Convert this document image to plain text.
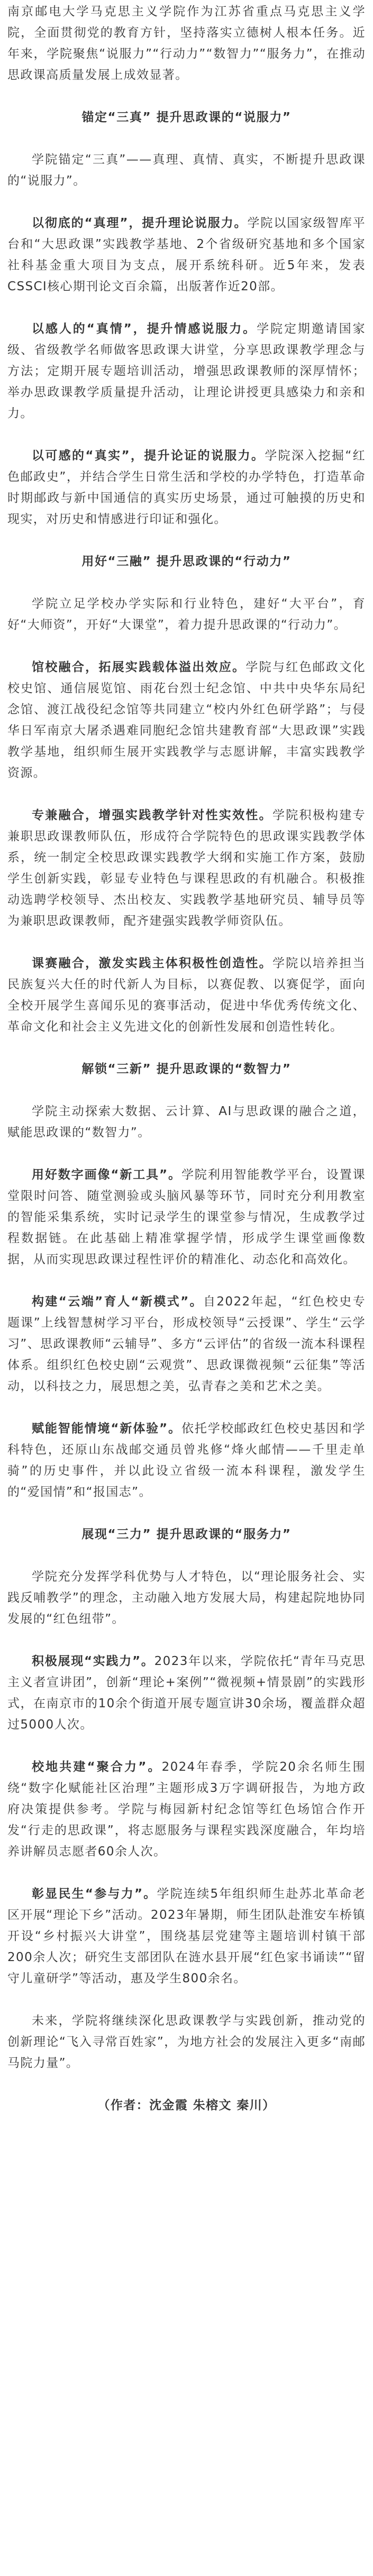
南京邮电大学马克思主义学院作为江苏省重点马克思主义学院，全面贯彻党的教育方针，坚持落实立德树人根本任务。近年来，学院聚焦“说服力”“行动力”“数智力”“服务力”，在推动思政课高质量发展上成效显著。

锚定“三真” 提升思政课的“说服力”

学院锚定“三真”——真理、真情、真实，不断提升思政课的“说服力”。

以彻底的“真理”，提升理论说服力。学院以国家级智库平台和“大思政课”实践教学基地、2个省级研究基地和多个国家社科基金重大项目为支点，展开系统科研。近5年来，发表CSSCI核心期刊论文百余篇，出版著作近20部。

以感人的“真情”，提升情感说服力。学院定期邀请国家级、省级教学名师做客思政课大讲堂，分享思政课教学理念与方法；定期开展专题培训活动，增强思政课教师的深厚情怀；举办思政课教学质量提升活动，让理论讲授更具感染力和亲和力。

以可感的“真实”，提升论证的说服力。学院深入挖掘“红色邮政史”，并结合学生日常生活和学校的办学特色，打造革命时期邮政与新中国通信的真实历史场景，通过可触摸的历史和现实，对历史和情感进行印证和强化。

用好“三融” 提升思政课的“行动力”

学院立足学校办学实际和行业特色，建好“大平台”，育好“大师资”，开好“大课堂”，着力提升思政课的“行动力”。

馆校融合，拓展实践载体溢出效应。学院与红色邮政文化校史馆、通信展览馆、雨花台烈士纪念馆、中共中央华东局纪念馆、渡江战役纪念馆等共同建立“校内外红色研学路”；与侵华日军南京大屠杀遇难同胞纪念馆共建教育部“大思政课”实践教学基地，组织师生展开实践教学与志愿讲解，丰富实践教学资源。

专兼融合，增强实践教学针对性实效性。学院积极构建专兼职思政课教师队伍，形成符合学院特色的思政课实践教学体系，统一制定全校思政课实践教学大纲和实施工作方案，鼓励学生创新实践，彰显专业特色与课程思政的有机融合。积极推动选聘学校领导、杰出校友、实践教学基地研究员、辅导员等为兼职思政课教师，配齐建强实践教学师资队伍。

课赛融合，激发实践主体积极性创造性。学院以培养担当民族复兴大任的时代新人为目标，以赛促教、以赛促学，面向全校开展学生喜闻乐见的赛事活动，促进中华优秀传统文化、革命文化和社会主义先进文化的创新性发展和创造性转化。

解锁“三新” 提升思政课的“数智力”

学院主动探索大数据、云计算、AI与思政课的融合之道，赋能思政课的“数智力”。

用好数字画像“新工具”。学院利用智能教学平台，设置课堂限时问答、随堂测验或头脑风暴等环节，同时充分利用教室的智能采集系统，实时记录学生的课堂参与情况，生成教学过程数据链。在此基础上精准掌握学情，形成学生课堂画像数据，从而实现思政课过程性评价的精准化、动态化和高效化。

构建“云端”育人“新模式”。自2022年起，“红色校史专题课”上线智慧树学习平台，形成校领导“云授课”、学生“云学习”、思政课教师“云辅导”、多方“云评估”的省级一流本科课程体系。组织红色校史剧“云观赏”、思政课微视频“云征集”等活动，以科技之力，展思想之美，弘青春之美和艺术之美。

赋能智能情境“新体验”。依托学校邮政红色校史基因和学科特色，还原山东战邮交通员曾兆修“烽火邮情——千里走单骑”的历史事件，并以此设立省级一流本科课程，激发学生的“爱国情”和“报国志”。

展现“三力” 提升思政课的“服务力”

学院充分发挥学科优势与人才特色，以“理论服务社会、实践反哺教学”的理念，主动融入地方发展大局，构建起院地协同发展的“红色纽带”。

积极展现“实践力”。2023年以来，学院依托“青年马克思主义者宣讲团”，创新“理论+案例”“微视频+情景剧”的实践形式，在南京市的10余个街道开展专题宣讲30余场，覆盖群众超过5000人次。

校地共建“聚合力”。2024年春季，学院20余名师生围绕“数字化赋能社区治理”主题形成3万字调研报告，为地方政府决策提供参考。学院与梅园新村纪念馆等红色场馆合作开发“行走的思政课”，将志愿服务与课程实践深度融合，年均培养讲解员志愿者60余人次。

彰显民生“参与力”。学院连续5年组织师生赴苏北革命老区开展“理论下乡”活动。2023年暑期，师生团队赴淮安车桥镇开设“乡村振兴大讲堂”，围绕基层党建等主题培训村镇干部200余人次；研究生支部团队在涟水县开展“红色家书诵读”“留守儿童研学”等活动，惠及学生800余名。

未来，学院将继续深化思政课教学与实践创新，推动党的创新理论“飞入寻常百姓家”，为地方社会的发展注入更多“南邮马院力量”。

（作者：沈金霞 朱榕文 秦川）
